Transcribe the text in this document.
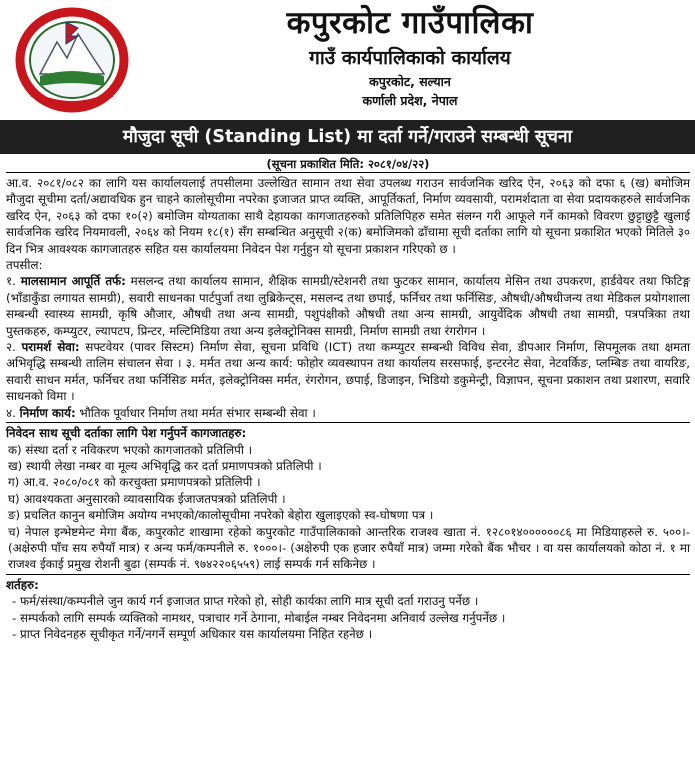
कपुरकोट गाउँपालिका
गाउँ कार्यपालिकाको कार्यालय
कपुरकोट, सल्यान
कर्णाली प्रदेश, नेपाल
मौजुदा सूची (Standing List) मा दर्ता गर्ने/गराउने सम्बन्धी सूचना
(सूचना प्रकाशित मिति: २०८१/०४/२२)

आ.व. २०८१/०८२ का लागि यस कार्यालयलाई तपसीलमा उल्लेखित सामान तथा सेवा उपलब्ध गराउन सार्वजनिक खरिद ऐन, २०६३ को दफा ६ (ख) बमोजिम मौजुदा सूचीमा दर्ता/अद्यावधिक हुन चाहने कालोसूचीमा नपरेका इजाजत प्राप्त व्यक्ति, आपूर्तिकर्ता, निर्माण व्यवसायी, परामर्शदाता वा सेवा प्रदायकहरुले सार्वजनिक खरिद ऐन, २०६३ को दफा १०(२) बमोजिम योग्यताका साथै देहायका कागजातहरुको प्रतिलिपिहरु समेत संलग्न गरी आफूले गर्ने कामको विवरण छुट्टाछुट्टै खुलाई सार्वजनिक खरिद नियमावली, २०६४ को नियम १८(१) सँग सम्बन्धित अनुसूची २(क) बमोजिमको ढाँचामा सूची दर्ताका लागि यो सूचना प्रकाशित भएको मितिले ३० दिन भित्र आवश्यक कागजातहरु सहित यस कार्यालयमा निवेदन पेश गर्नुहुन यो सूचना प्रकाशन गरिएको छ ।

तपसील:

१. मालसामान आपूर्ति तर्फ: मसलन्द तथा कार्यालय सामान, शैक्षिक सामग्री/स्टेशनरी तथा फुटकर सामान, कार्यालय मेसिन तथा उपकरण, हार्डवेयर तथा फिटिङ्ग (भाँडाकुँडा लगायत सामग्री), सवारी साधनका पार्टपुर्जा तथा लुब्रिकेन्ट्स, मसलन्द तथा छपाई, फर्निचर तथा फर्निसिङ, औषधी/औषधीजन्य तथा मेडिकल प्रयोगशाला सम्बन्धी स्वास्थ्य सामग्री, कृषि औजार, औषधी तथा अन्य सामग्री, पशुपंक्षीको औषधी तथा अन्य सामग्री, आयुर्वेदिक औषधी तथा सामग्री, पत्रपत्रिका तथा पुस्तकहरु, कम्प्युटर, ल्यापटप, प्रिन्टर, मल्टिमिडिया तथा अन्य इलेक्ट्रोनिक्स सामग्री, निर्माण सामग्री तथा रंगरोगन ।

२. परामर्श सेवा: सफ्टवेयर (पावर सिस्टम) निर्माण सेवा, सूचना प्रविधि (ICT) तथा कम्प्युटर सम्बन्धी विविध सेवा, डीपआर निर्माण, सिपमूलक तथा क्षमता अभिवृद्धि सम्बन्धी तालिम संचालन सेवा । ३. मर्मत तथा अन्य कार्य: फोहोर व्यवस्थापन तथा कार्यालय सरसफाई, इन्टरनेट सेवा, नेटवर्किङ, प्लम्बिङ तथा वायरिङ, सवारी साधन मर्मत, फर्निचर तथा फर्निसिङ मर्मत, इलेक्ट्रोनिक्स मर्मत, रंगरोगन, छपाई, डिजाइन, भिडियो डकुमेन्ट्री, विज्ञापन, सूचना प्रकाशन तथा प्रशारण, सवारि साधनको विमा ।

४. निर्माण कार्य: भौतिक पूर्वाधार निर्माण तथा मर्मत संभार सम्बन्धी सेवा ।

निवेदन साथ सूची दर्ताका लागि पेश गर्नुपर्ने कागजातहरु:
क) संस्था दर्ता र नविकरण भएको कागजातको प्रतिलिपी ।
ख) स्थायी लेखा नम्बर वा मूल्य अभिवृद्धि कर दर्ता प्रमाणपत्रको प्रतिलिपी ।
ग) आ.व. २०८०/०८१ को करचुक्ता प्रमाणपत्रको प्रतिलिपी ।
घ) आवश्यकता अनुसारको व्यावसायिक ईजाजतपत्रको प्रतिलिपी ।
ङ) प्रचलित कानुन बमोजिम अयोग्य नभएको/कालोसूचीमा नपरेको बेहोरा खुलाइएको स्व-घोषणा पत्र ।
च) नेपाल इन्भेष्टमेन्ट मेगा बैंक, कपुरकोट शाखामा रहेको कपुरकोट गाउँपालिकाको आन्तरिक राजश्व खाता नं. १२८०१४००००००८६ मा मिडियाहरुले रु. ५००।- (अक्षेरुपी पाँच सय रुपैयाँ मात्र) र अन्य फर्म/कम्पनीले रु. १०००।- (अक्षेरुपी एक हजार रुपैयाँ मात्र) जम्मा गरेको बैंक भौचर । वा यस कार्यालयको कोठा नं. १ मा राजश्व ईकाई प्रमुख रोशनी बुढा (सम्पर्क नं. ९७४२२०६५५९) लाई सम्पर्क गर्न सकिनेछ ।
शर्तहरु:
- फर्म/संस्था/कम्पनीले जुन कार्य गर्न इजाजत प्राप्त गरेको हो, सोही कार्यका लागि मात्र सूची दर्ता गराउनु पर्नेछ ।
- सम्पर्कको लागि सम्पर्क व्यक्तिको नामथर, पत्राचार गर्ने ठेगाना, मोबाईल नम्बर निवेदनमा अनिवार्य उल्लेख गर्नुपर्नेछ ।
- प्राप्त निवेदनहरु सूचीकृत गर्ने/नगर्ने सम्पूर्ण अधिकार यस कार्यालयमा निहित रहनेछ ।
